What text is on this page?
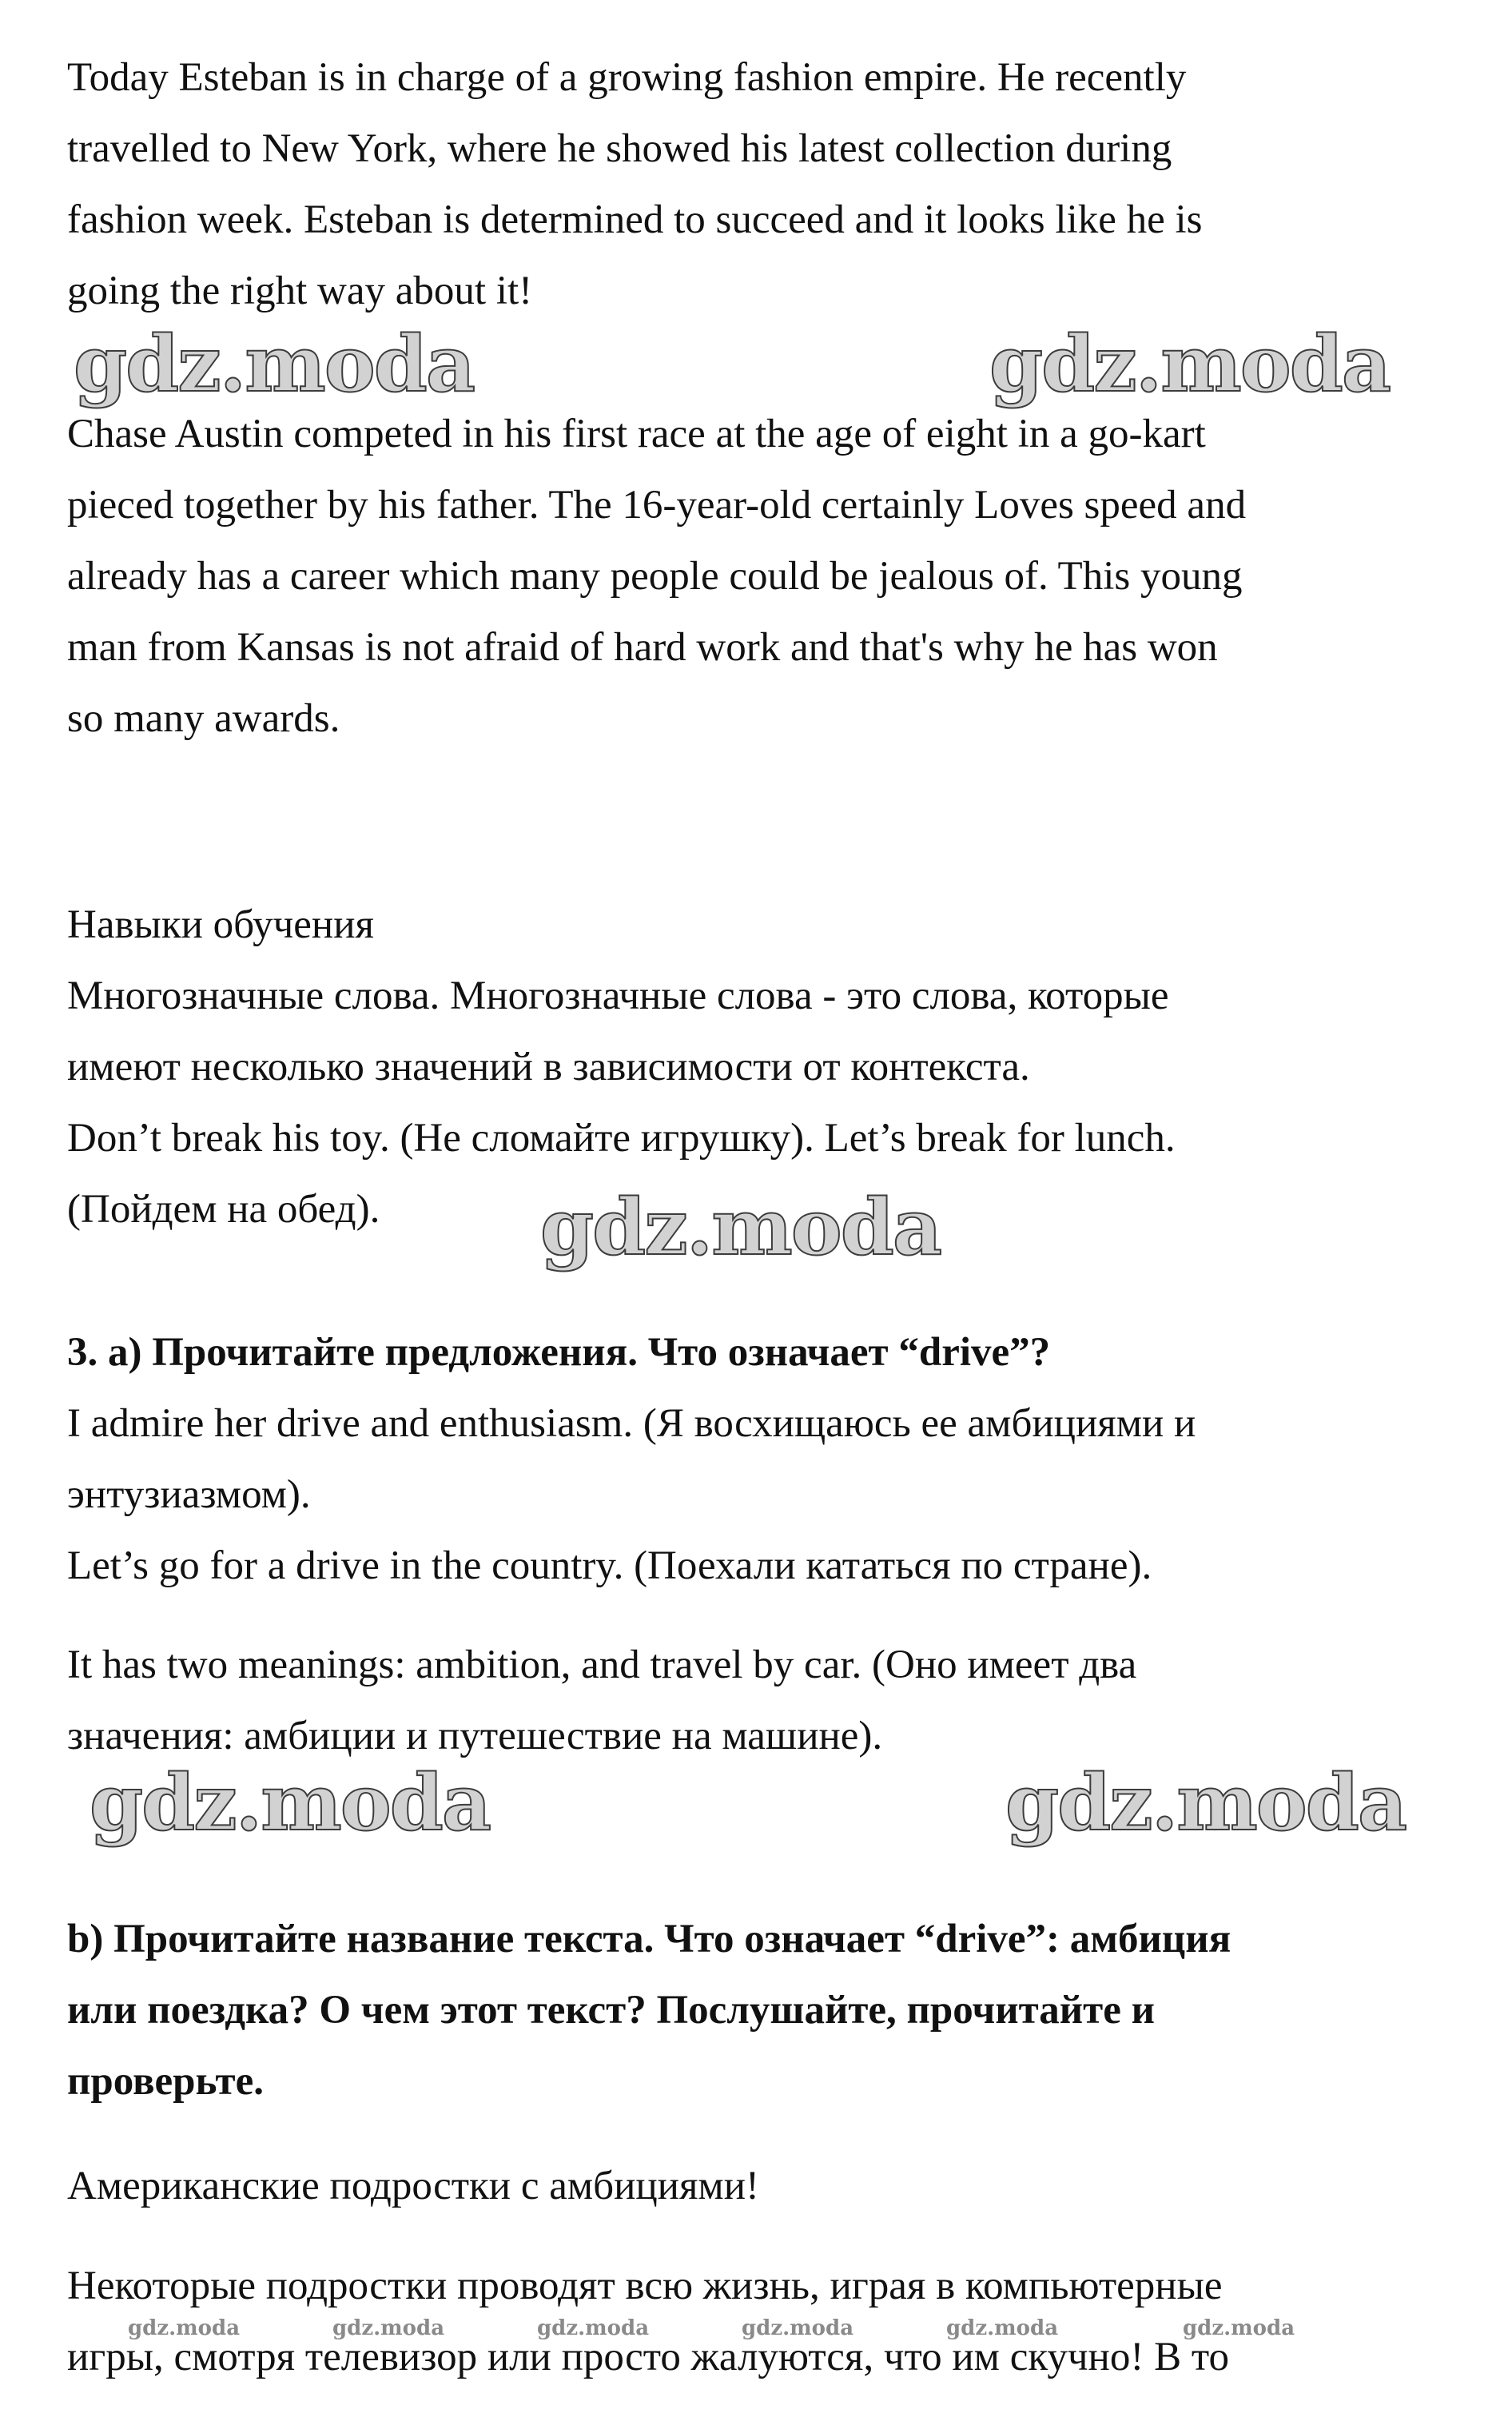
Today Esteban is in charge of a growing fashion empire. He recently

travelled to New York, where he showed his latest collection during

fashion week. Esteban is determined to succeed and it looks like he is

going the right way about it!

gdz.moda	gdz.moda

Chase Austin competed in his first race at the age of eight in a go-kart

pieced together by his father. The 16-year-old certainly Loves speed and

already has a career which many people could be jealous of. This young

man from Kansas is not afraid of hard work and that's why he has won

so many awards.

Навыки обучения

Многозначные слова. Многозначные слова - это слова, которые

имеют несколько значений в зависимости от контекста.

Don’t break his toy. (Не сломайте игрушку). Let’s break for lunch.

(Пойдем на обед). gdz.moda

3. a) Прочитайте предложения. Что означает “drive”?

I admire her drive and enthusiasm. (Я восхищаюсь ее амбициями и

энтузиазмом).

Let’s go for a drive in the country. (Поехали кататься по стране).

It has two meanings: ambition, and travel by car. (Оно имеет два

значения: амбиции и путешествие на машине).

gdz.moda	gdz.moda

b) Прочитайте название текста. Что означает “drive”: амбиция

или поездка? О чем этот текст? Послушайте, прочитайте и

проверьте.

Американские подростки с амбициями!

Некоторые подростки проводят всю жизнь, играя в компьютерные

gdz.moda	gdz.moda	gdz.moda	gdz.moda	gdz.moda	gdz.moda

игры, смотря телевизор или просто жалуются, что им скучно! В то
